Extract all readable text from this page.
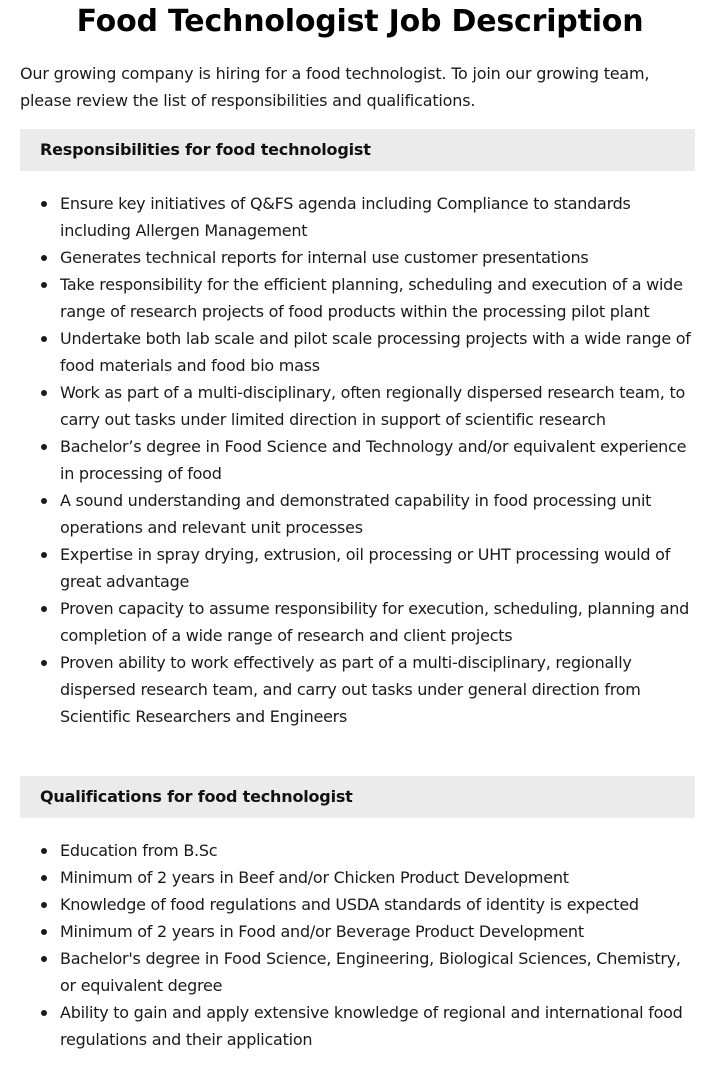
Food Technologist Job Description

Our growing company is hiring for a food technologist. To join our growing team, please review the list of responsibilities and qualifications.

Responsibilities for food technologist
Ensure key initiatives of Q&FS agenda including Compliance to standards including Allergen Management
Generates technical reports for internal use customer presentations
Take responsibility for the efficient planning, scheduling and execution of a wide range of research projects of food products within the processing pilot plant
Undertake both lab scale and pilot scale processing projects with a wide range of food materials and food bio mass
Work as part of a multi-disciplinary, often regionally dispersed research team, to carry out tasks under limited direction in support of scientific research
Bachelor’s degree in Food Science and Technology and/or equivalent experience in processing of food
A sound understanding and demonstrated capability in food processing unit operations and relevant unit processes
Expertise in spray drying, extrusion, oil processing or UHT processing would of great advantage
Proven capacity to assume responsibility for execution, scheduling, planning and completion of a wide range of research and client projects
Proven ability to work effectively as part of a multi-disciplinary, regionally dispersed research team, and carry out tasks under general direction from Scientific Researchers and Engineers
Qualifications for food technologist
Education from B.Sc
Minimum of 2 years in Beef and/or Chicken Product Development
Knowledge of food regulations and USDA standards of identity is expected
Minimum of 2 years in Food and/or Beverage Product Development
Bachelor's degree in Food Science, Engineering, Biological Sciences, Chemistry, or equivalent degree
Ability to gain and apply extensive knowledge of regional and international food regulations and their application
